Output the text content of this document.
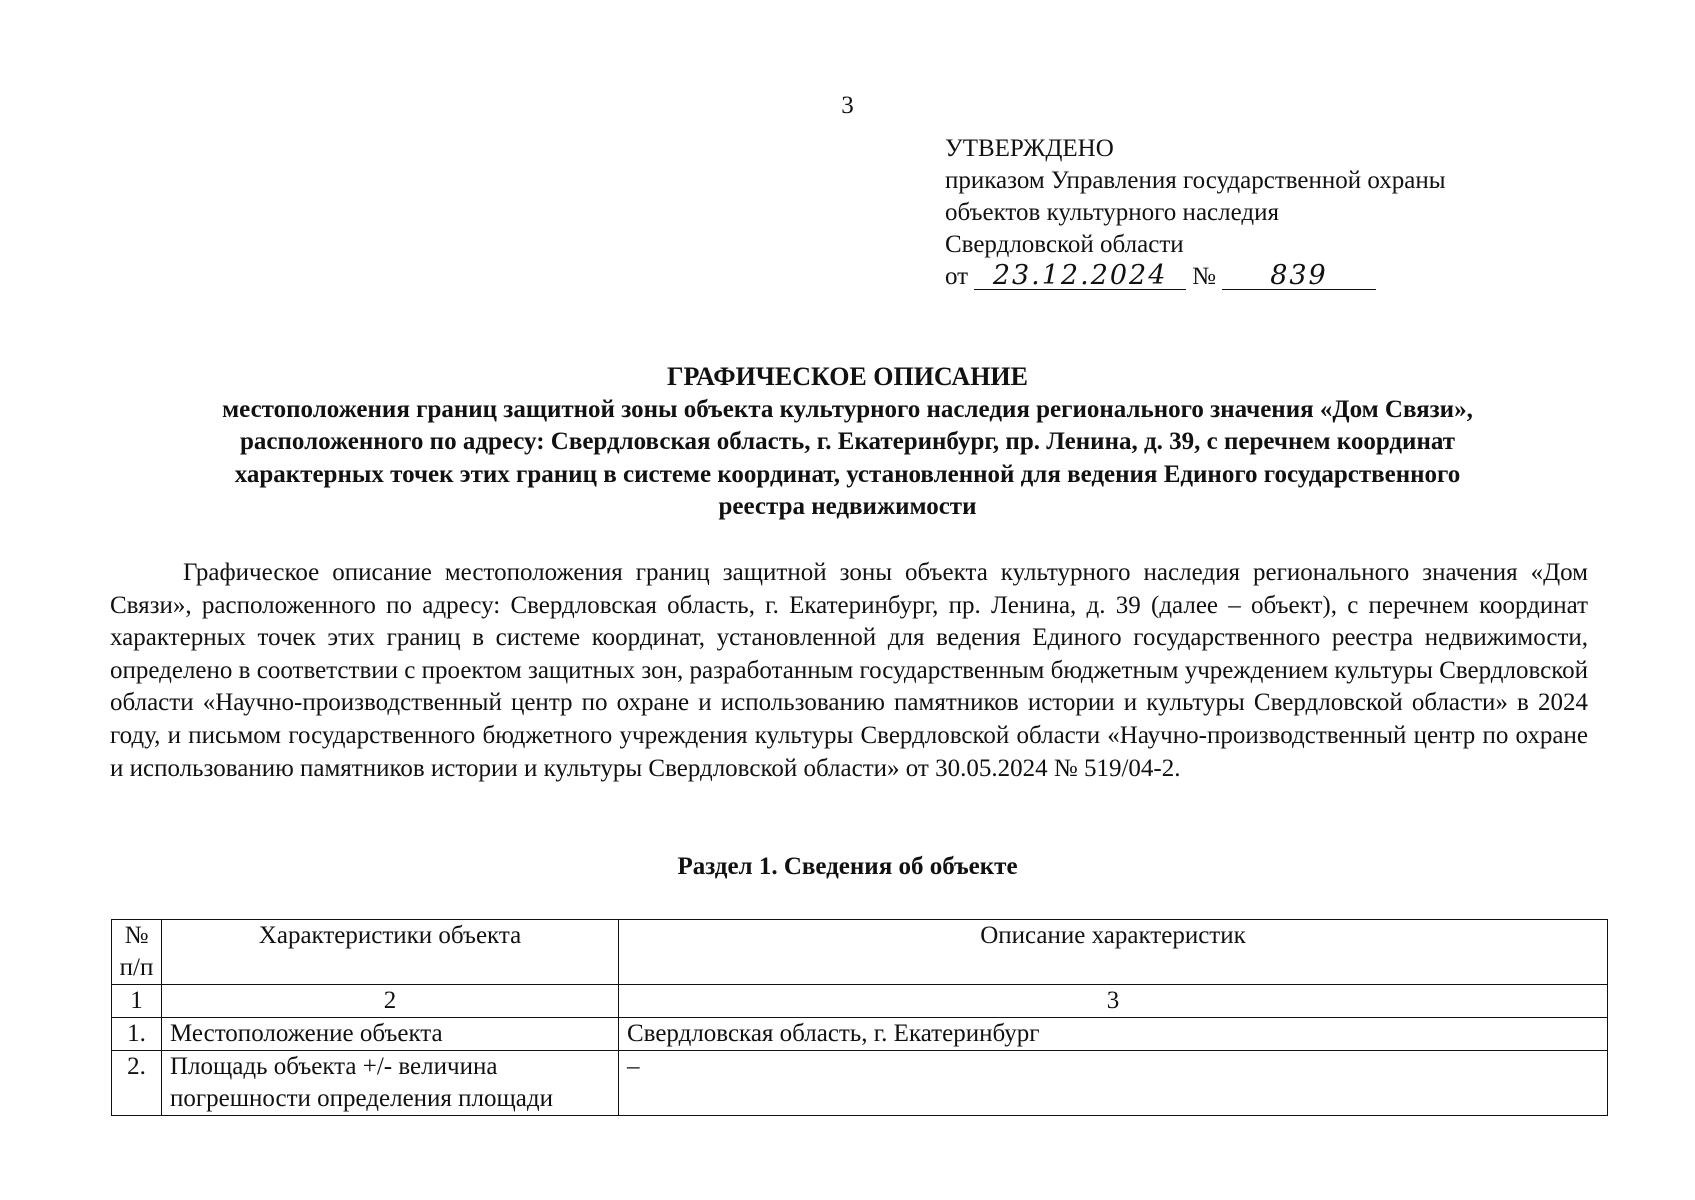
3
УТВЕРЖДЕНО
приказом Управления государственной охраны
объектов культурного наследия
Свердловской области
от 23.12.2024 № 839
ГРАФИЧЕСКОЕ ОПИСАНИЕ
местоположения границ защитной зоны объекта культурного наследия регионального значения «Дом Связи»,
расположенного по адресу: Свердловская область, г. Екатеринбург, пр. Ленина, д. 39, с перечнем координат
характерных точек этих границ в системе координат, установленной для ведения Единого государственного
реестра недвижимости

Графическое описание местоположения границ защитной зоны объекта культурного наследия регионального значения «Дом Связи», расположенного по адресу: Свердловская область, г. Екатеринбург, пр. Ленина, д. 39 (далее – объект), с перечнем координат характерных точек этих границ в системе координат, установленной для ведения Единого государственного реестра недвижимости, определено в соответствии с проектом защитных зон, разработанным государственным бюджетным учреждением культуры Свердловской области «Научно-производственный центр по охране и использованию памятников истории и культуры Свердловской области» в 2024 году, и письмом государственного бюджетного учреждения культуры Свердловской области «Научно-производственный центр по охране и использованию памятников истории и культуры Свердловской области» от 30.05.2024 № 519/04-2.

Раздел 1. Сведения об объекте
№ п/п	Характеристики объекта	Описание характеристик
1	2	3
1.	Местоположение объекта	Свердловская область, г. Екатеринбург
2.	Площадь объекта +/- величина погрешности определения площади	–
